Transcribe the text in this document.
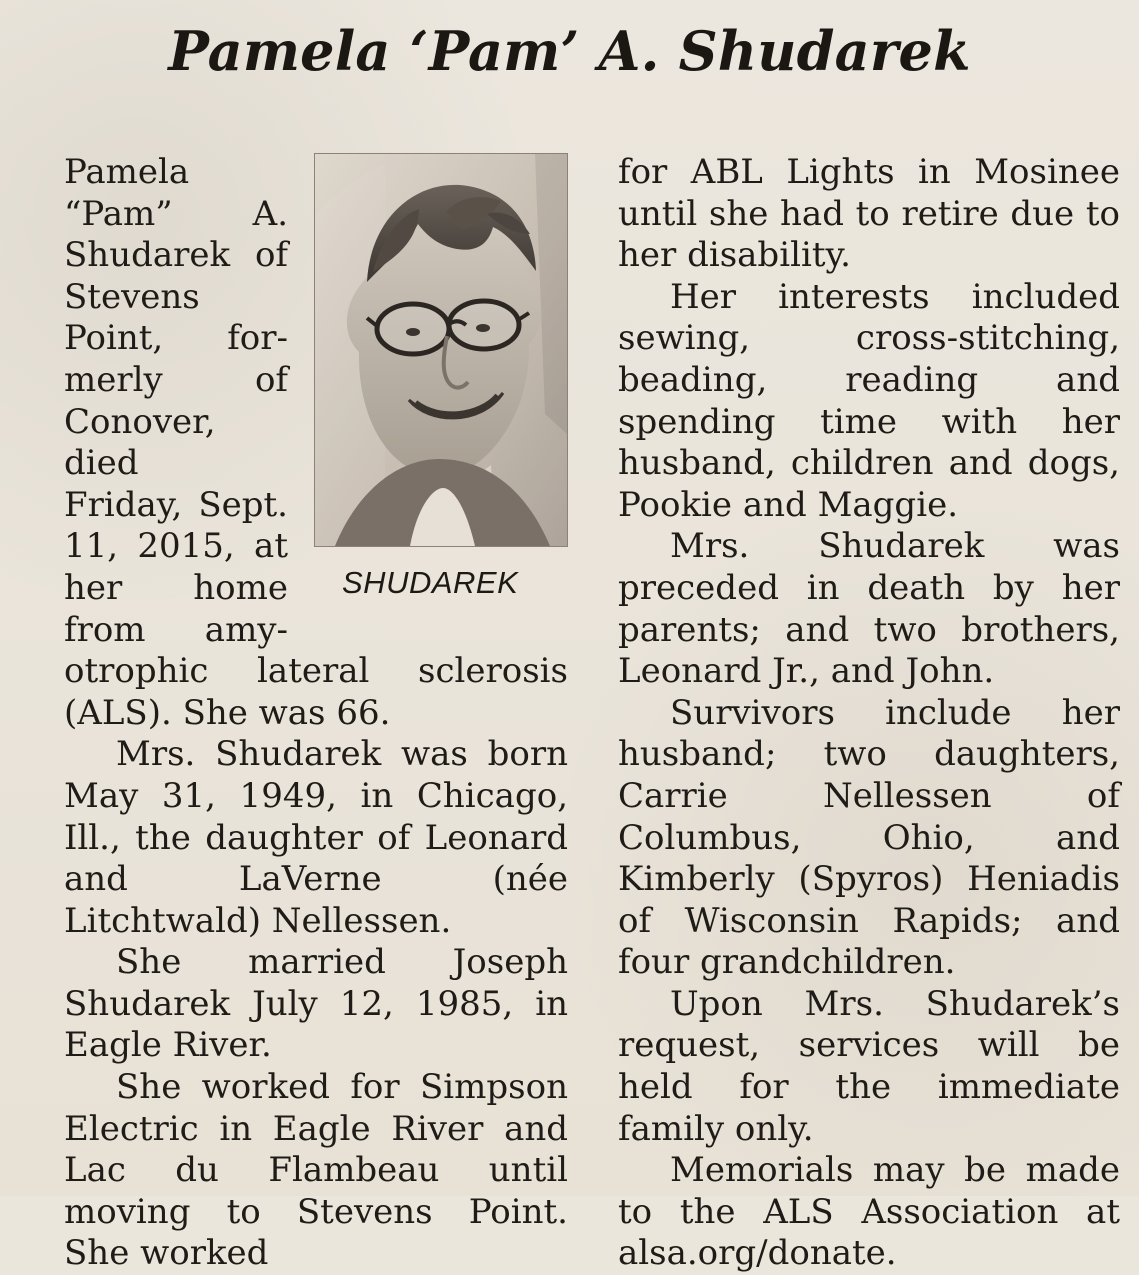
Pamela ‘Pam’ A. Shudarek
Pamela
“Pam” A.
Shudarek of
Stevens
Point, for-
merly of
Conover, died
Friday, Sept.
11, 2015, at
her home
from amy-

otrophic lateral sclerosis (ALS). She was 66.

Mrs. Shudarek was born May 31, 1949, in Chicago, Ill., the daughter of Leonard and LaVerne (née Litchtwald) Nellessen.

She married Joseph Shudarek July 12, 1985, in Eagle River.

She worked for Simpson Electric in Eagle River and Lac du Flambeau until moving to Stevens Point. She worked

SHUDAREK

for ABL Lights in Mosinee until she had to retire due to her disability.

Her interests included sewing, cross-stitching, beading, reading and spending time with her husband, children and dogs, Pookie and Maggie.

Mrs. Shudarek was preceded in death by her parents; and two brothers, Leonard Jr., and John.

Survivors include her husband; two daughters, Carrie Nellessen of Columbus, Ohio, and Kimberly (Spyros) Heniadis of Wisconsin Rapids; and four grandchildren.

Upon Mrs. Shudarek’s request, services will be held for the immediate family only.

Memorials may be made to the ALS Association at alsa.org/donate.
